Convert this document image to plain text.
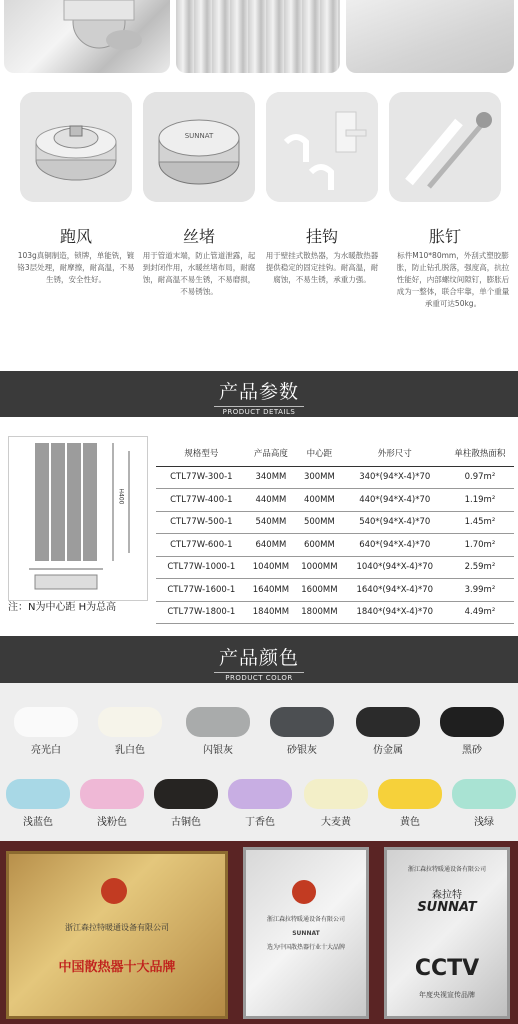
SUNNAT
跑风	丝堵	挂钩	胀钉
103g真铜制造，锁牌，单能铣，镀铬3层处理，耐摩擦，耐高温，不易生锈，安全性好。
用于管道末端，防止管道泄露，起到封闭作用，水暖丝堵布局，耐腐蚀，耐高温不易生锈，不易磨损，不易锈蚀。
用于壁挂式散热器，为水暖散热器提供稳定的固定挂钩。耐高温，耐腐蚀，不易生锈，承重力强。
标件M10*80mm，外刮式塑胶膨胀，防止钻孔脱落，强度高，抗拉性能好，内部螺纹间隙钉，膨胀后成为一整体，联合牢靠，单个重量承重可达50kg。
产品参数
PRODUCT DETAILS
H400
注：N为中心距 H为总高
规格型号	产品高度	中心距	外形尺寸	单柱散热面积
CTL77W-300-1	340MM	300MM	340*(94*X-4)*70	0.97m²
CTL77W-400-1	440MM	400MM	440*(94*X-4)*70	1.19m²
CTL77W-500-1	540MM	500MM	540*(94*X-4)*70	1.45m²
CTL77W-600-1	640MM	600MM	640*(94*X-4)*70	1.70m²
CTL77W-1000-1	1040MM	1000MM	1040*(94*X-4)*70	2.59m²
CTL77W-1600-1	1640MM	1600MM	1640*(94*X-4)*70	3.99m²
CTL77W-1800-1	1840MM	1800MM	1840*(94*X-4)*70	4.49m²
产品颜色
PRODUCT COLOR
亮光白	乳白色	闪银灰	砂银灰	仿金属	黑砂
浅蓝色	浅粉色	古铜色	丁香色	大麦黄	黄色	浅绿
浙江森拉特暖通设备有限公司
中国散热器十大品牌
浙江森拉特暖通设备有限公司
SUNNAT
选为中国散热器行业十大品牌
浙江森拉特暖通设备有限公司
森拉特
SUNNAT
CCTV
年度央视宣传品牌
